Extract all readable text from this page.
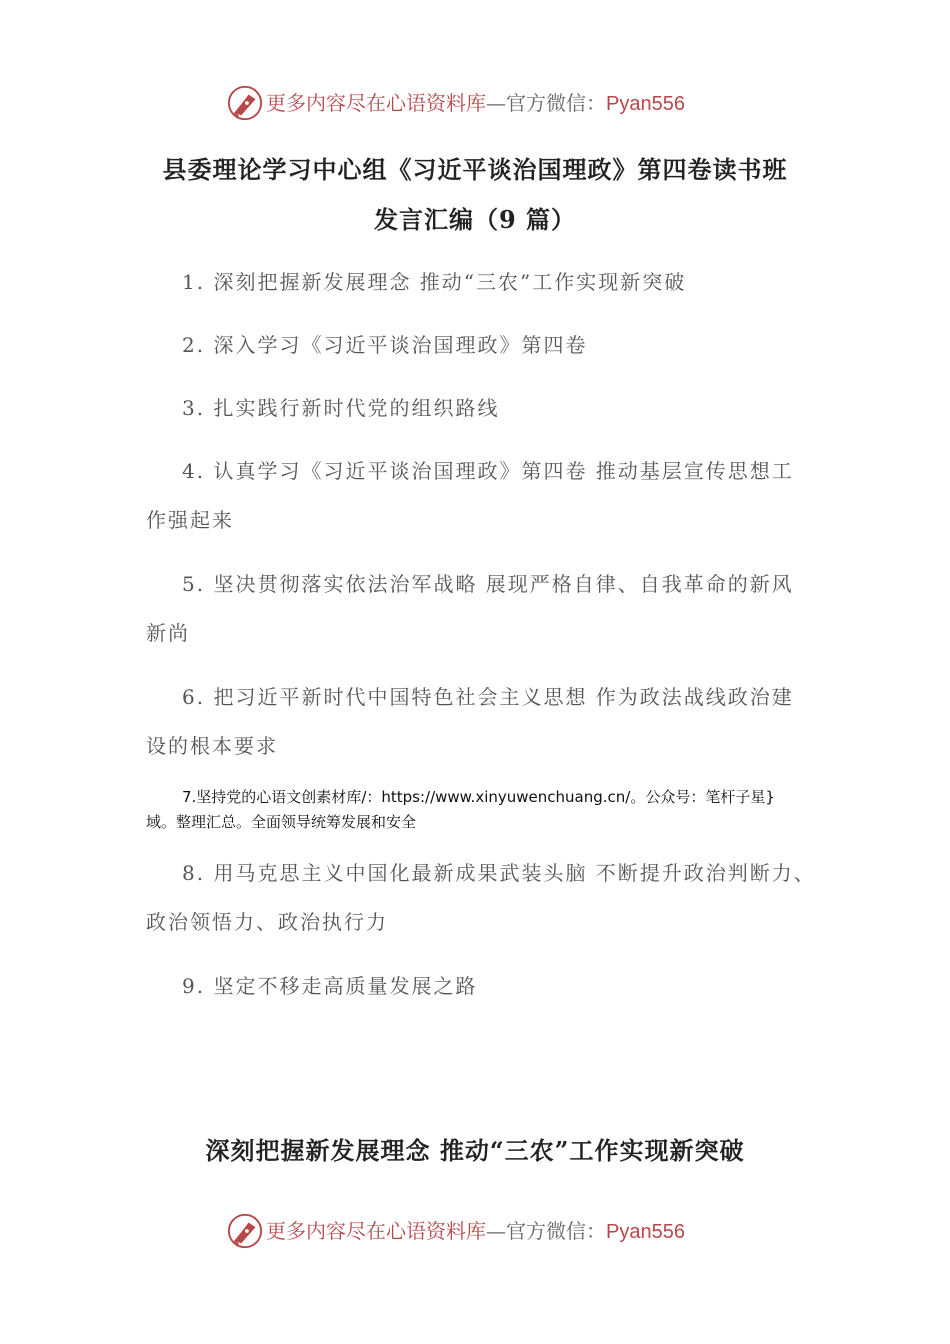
更多内容尽在心语资料库—官方微信：Pyan556
县委理论学习中心组《习近平谈治国理政》第四卷读书班
发言汇编（9 篇）
1. 深刻把握新发展理念 推动“三农”工作实现新突破
2. 深入学习《习近平谈治国理政》第四卷
3. 扎实践行新时代党的组织路线
4. 认真学习《习近平谈治国理政》第四卷 推动基层宣传思想工
作强起来
5. 坚决贯彻落实依法治军战略 展现严格自律、自我革命的新风
新尚
6. 把习近平新时代中国特色社会主义思想 作为政法战线政治建
设的根本要求
7.坚持党的心语文创素材库/：https://www.xinyuwenchuang.cn/。公众号：笔杆子星}
域。整理汇总。全面领导统筹发展和安全
8. 用马克思主义中国化最新成果武装头脑 不断提升政治判断力、
政治领悟力、政治执行力
9. 坚定不移走高质量发展之路
深刻把握新发展理念 推动“三农”工作实现新突破
更多内容尽在心语资料库—官方微信：Pyan556
